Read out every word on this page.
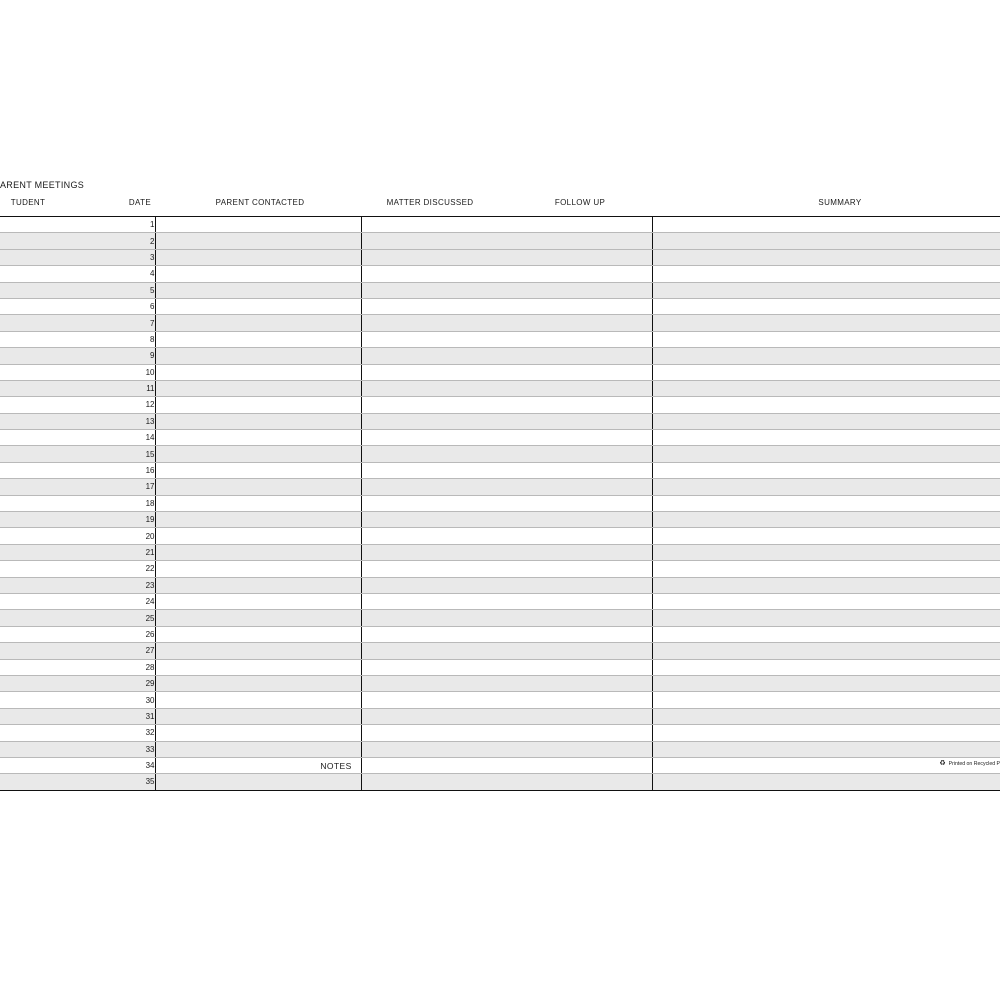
ARENT MEETINGS
TUDENT	DATE	PARENT CONTACTED	MATTER DISCUSSED	FOLLOW UP	SUMMARY
1			
2			
3			
4			
5			
6			
7			
8			
9			
10			
11			
12			
13			
14			
15			
16			
17			
18			
19			
20			
21			
22			
23			
24			
25			
26			
27			
28			
29			
30			
31			
32			
33			
34			
35			
NOTES	♻ Printed on Recycled P
